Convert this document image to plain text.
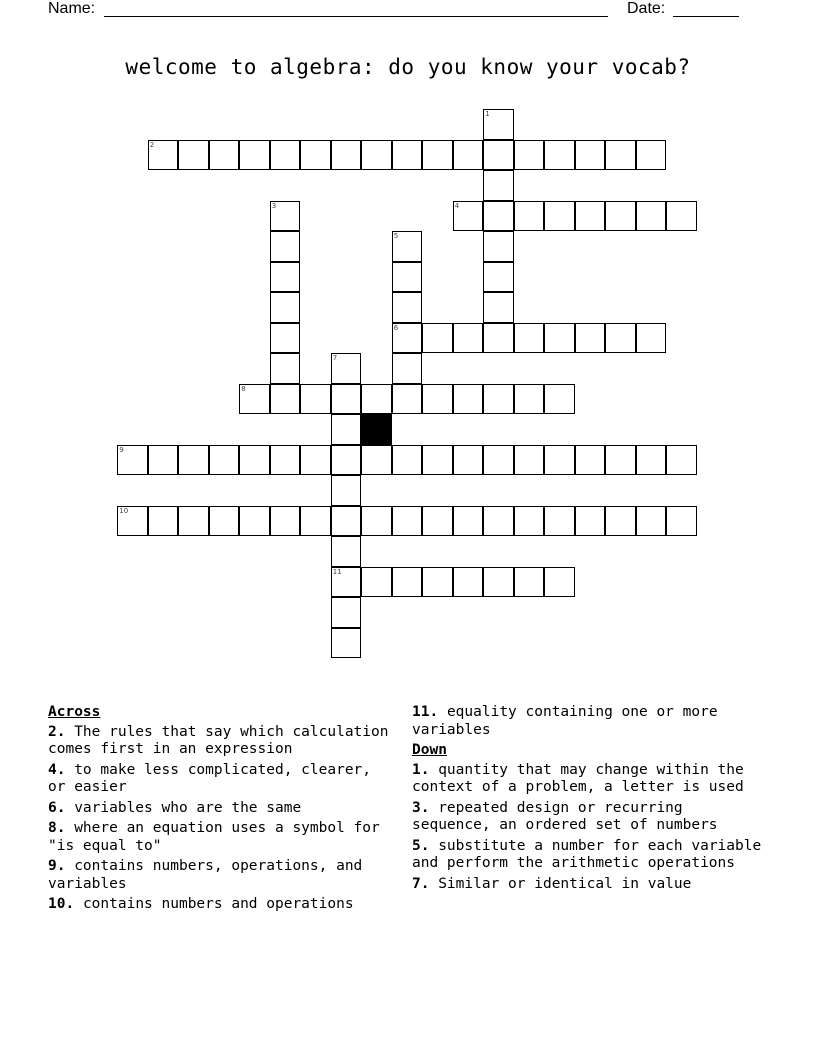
Name:	Date:
welcome to algebra: do you know your vocab?
1
2
3	4
5
6
7
11
8
9
10
Across
2. The rules that say which calculation comes first in an expression
4. to make less complicated, clearer, or easier
6. variables who are the same
8. where an equation uses a symbol for "is equal to"
9. contains numbers, operations, and variables
10. contains numbers and operations
11. equality containing one or more variables
Down
1. quantity that may change within the context of a problem, a letter is used
3. repeated design or recurring sequence, an ordered set of numbers
5. substitute a number for each variable and perform the arithmetic operations
7. Similar or identical in value
